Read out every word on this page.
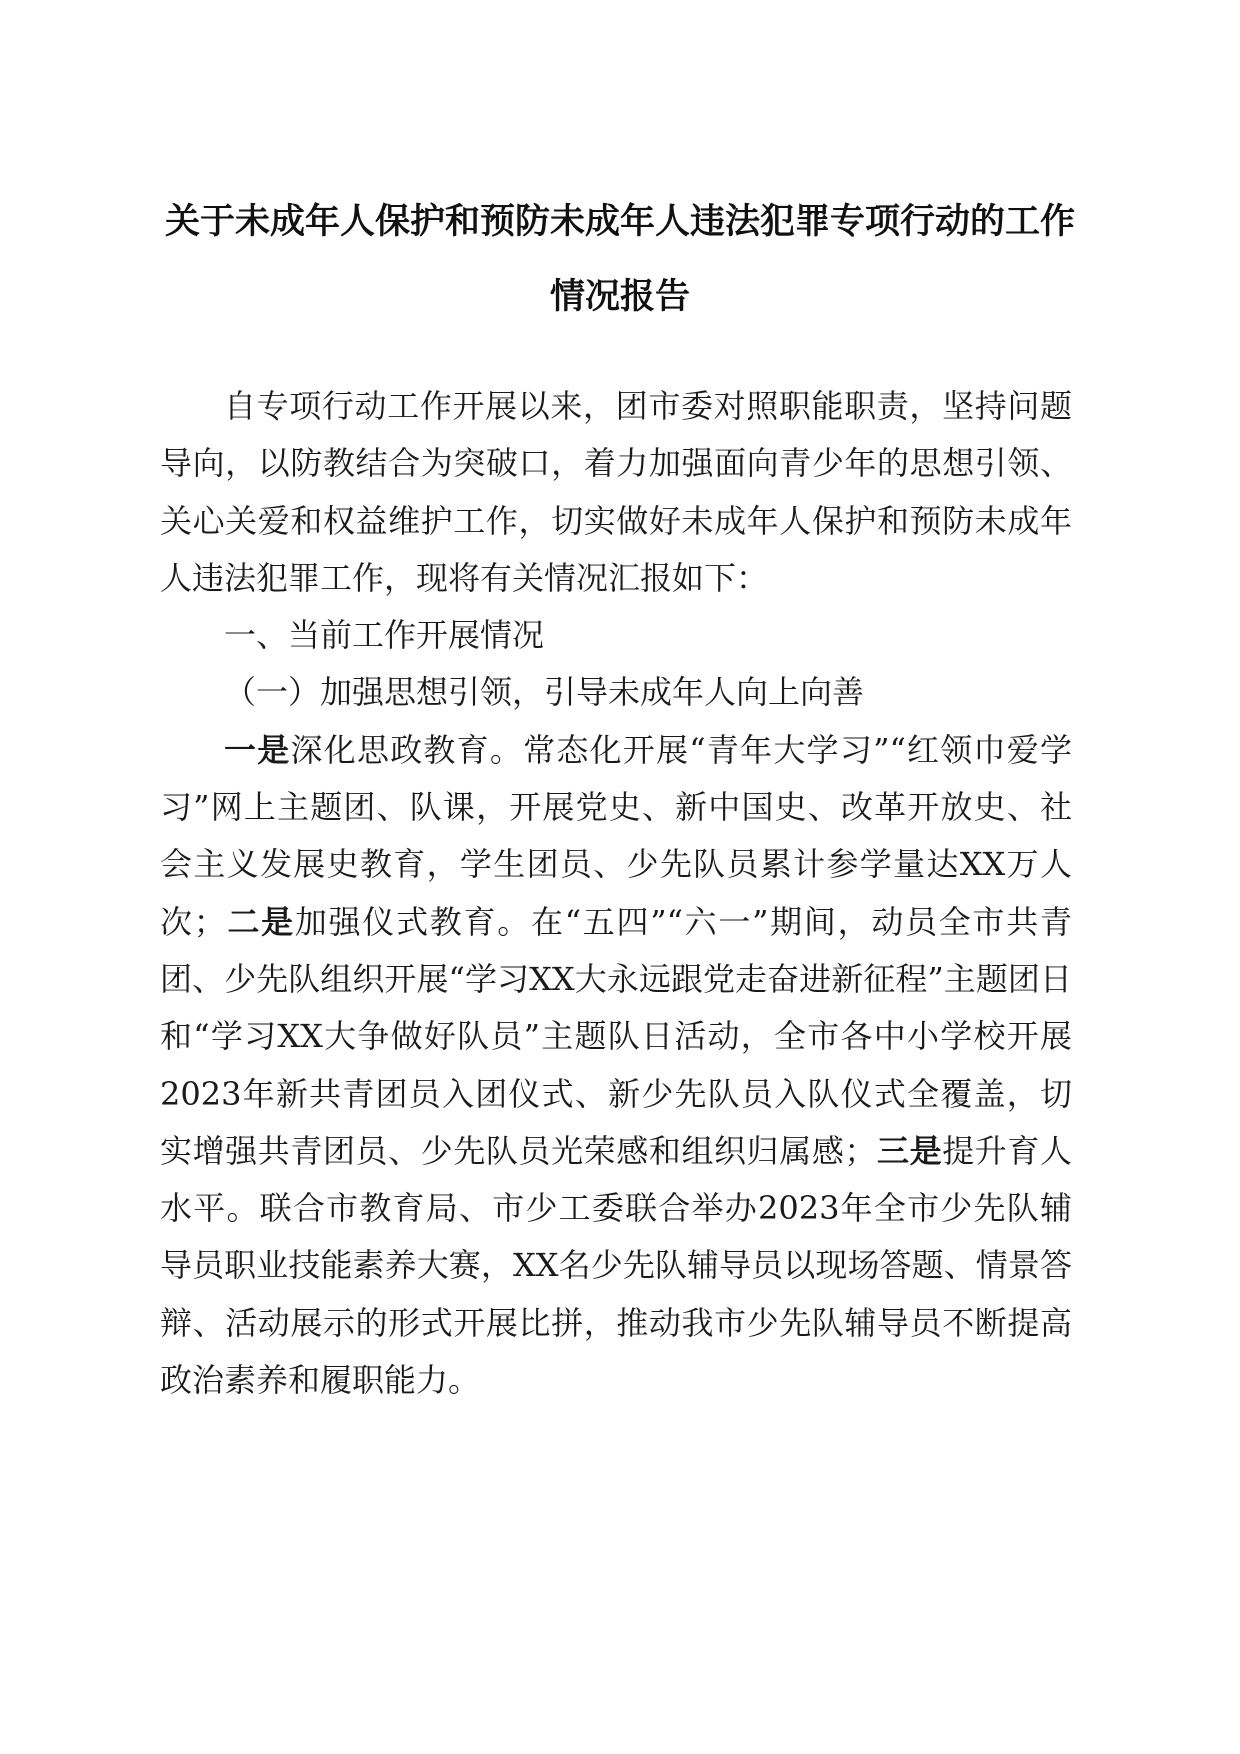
关于未成年人保护和预防未成年人违法犯罪专项行动的工作情况报告

自专项行动工作开展以来，团市委对照职能职责，坚持问题导向，以防教结合为突破口，着力加强面向青少年的思想引领、关心关爱和权益维护工作，切实做好未成年人保护和预防未成年人违法犯罪工作，现将有关情况汇报如下：

一、当前工作开展情况

（一）加强思想引领，引导未成年人向上向善

一是深化思政教育。常态化开展“青年大学习”“红领巾爱学习”网上主题团、队课，开展党史、新中国史、改革开放史、社会主义发展史教育，学生团员、少先队员累计参学量达XX万人次；二是加强仪式教育。在“五四”“六一”期间，动员全市共青团、少先队组织开展“学习XX大永远跟党走奋进新征程”主题团日和“学习XX大争做好队员”主题队日活动，全市各中小学校开展2023年新共青团员入团仪式、新少先队员入队仪式全覆盖，切实增强共青团员、少先队员光荣感和组织归属感；三是提升育人水平。联合市教育局、市少工委联合举办2023年全市少先队辅导员职业技能素养大赛，XX名少先队辅导员以现场答题、情景答辩、活动展示的形式开展比拼，推动我市少先队辅导员不断提高政治素养和履职能力。
